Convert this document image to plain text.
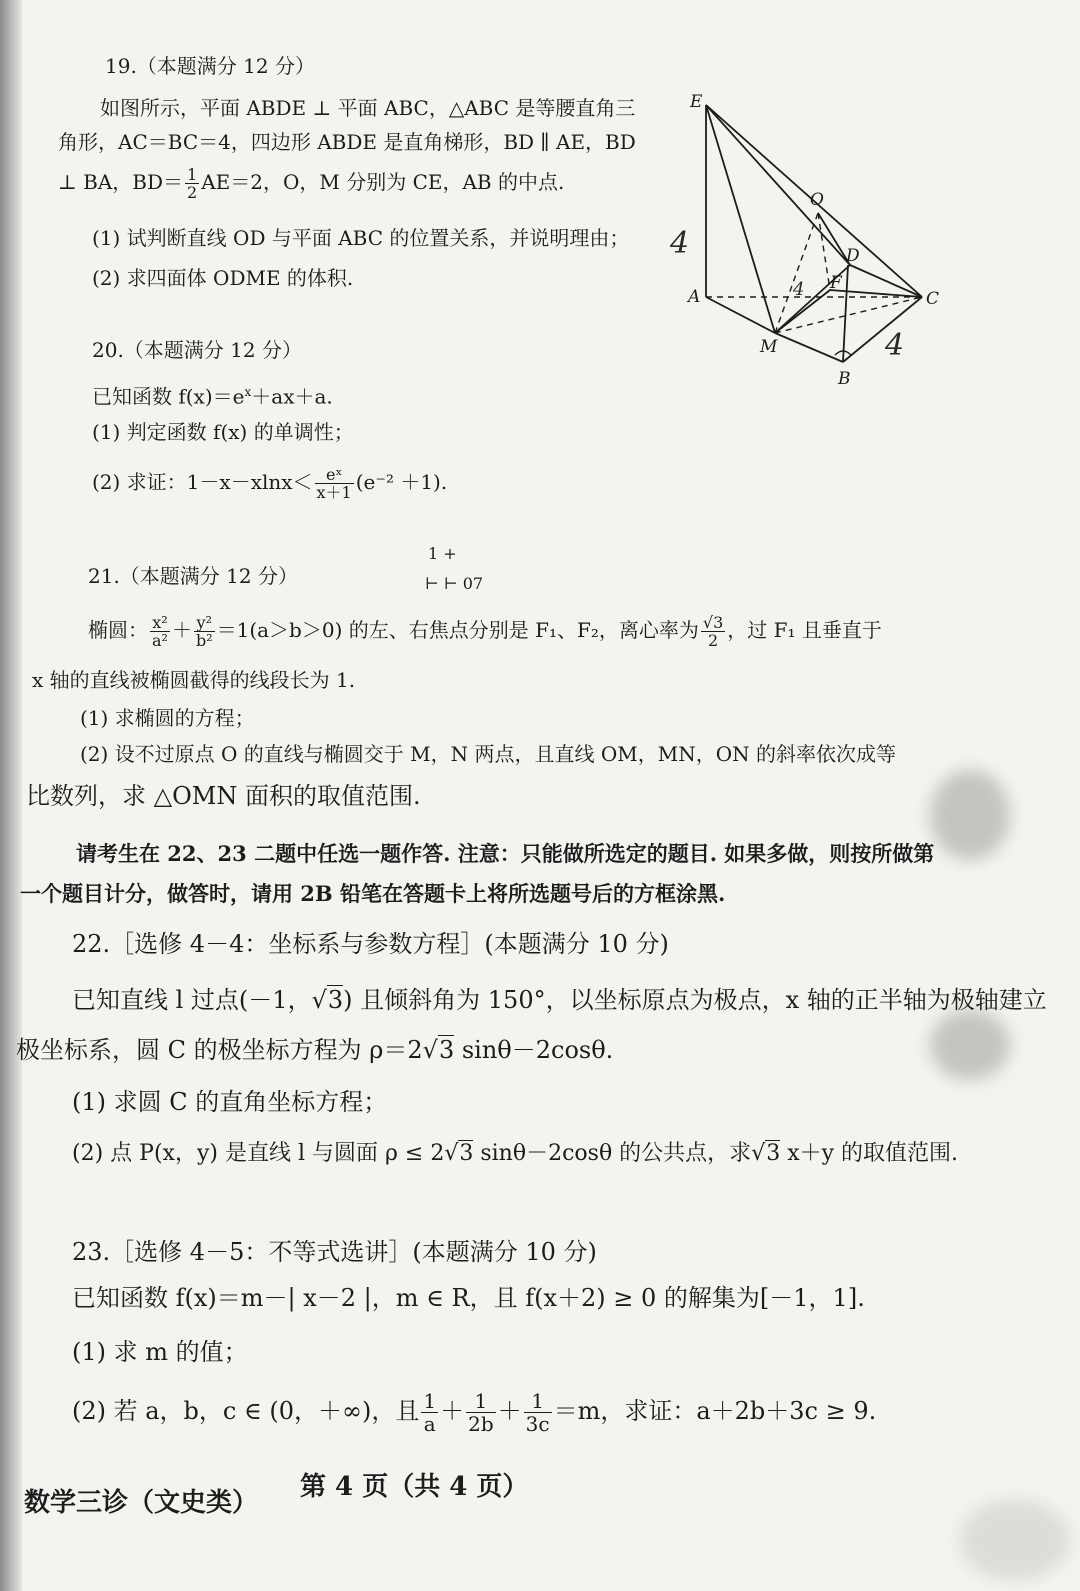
19.（本题满分 12 分）
如图所示，平面 ABDE ⊥ 平面 ABC，△ABC 是等腰直角三
角形，AC＝BC＝4，四边形 ABDE 是直角梯形，BD ∥ AE，BD
⊥ BA，$BD= \frac{1}{2} AE=2$，O，M 分别为 CE，AB 的中点.
(1) 试判断直线 OD 与平面 ABC 的位置关系，并说明理由；
(2) 求四面体 ODME 的体积.
E
O
D
A
F
C
M
B
4
4
4
20.（本题满分 12 分）
已知函数 $f(x)=e^x+ax+a$.
(1) 判定函数 f(x) 的单调性；
(2) 求证：$1-x-xlnx< \frac{\text{eˣ}}{x+1} (e^{-2} +1)$.
1 +
⊢ ⊢ 07
21.（本题满分 12 分）
椭圆： $\frac{\text{x²}}{\text{a²}} + \frac{\text{y²}}{\text{b²}} =1(a>b>0)$ 的左、右焦点分别是 F₁、F₂，离心率为 $\frac{√3}{2}$ ，过 F₁ 且垂直于
x 轴的直线被椭圆截得的线段长为 1.
(1) 求椭圆的方程；
(2) 设不过原点 O 的直线与椭圆交于 M，N 两点，且直线 OM，MN，ON 的斜率依次成等
比数列，求 △OMN 面积的取值范围.
请考生在 22、23 二题中任选一题作答. 注意：只能做所选定的题目. 如果多做，则按所做第
一个题目计分，做答时，请用 2B 铅笔在答题卡上将所选题号后的方框涂黑.
22.［选修 4－4：坐标系与参数方程］(本题满分 10 分)
已知直线 l 过点(－1，√3) 且倾斜角为 150°，以坐标原点为极点，x 轴的正半轴为极轴建立
极坐标系，圆 C 的极坐标方程为 ρ＝2√3 sinθ－2cosθ.
(1) 求圆 C 的直角坐标方程；
(2) 点 P(x，y) 是直线 l 与圆面 ρ ≤ 2√3 sinθ－2cosθ 的公共点，求√3 x＋y 的取值范围.
23.［选修 4－5：不等式选讲］(本题满分 10 分)
已知函数 f(x)＝m－| x－2 |，m ∈ R，且 f(x＋2) ≥ 0 的解集为[－1，1].
(1) 求 m 的值；
(2) 若 a，b，c ∈ (0，＋∞)，且 $\frac{1}{a} + \frac{1}{2b} + \frac{1}{3c} =m$，求证：a＋2b＋3c ≥ 9.
数学三诊（文史类）
第 4 页（共 4 页）
